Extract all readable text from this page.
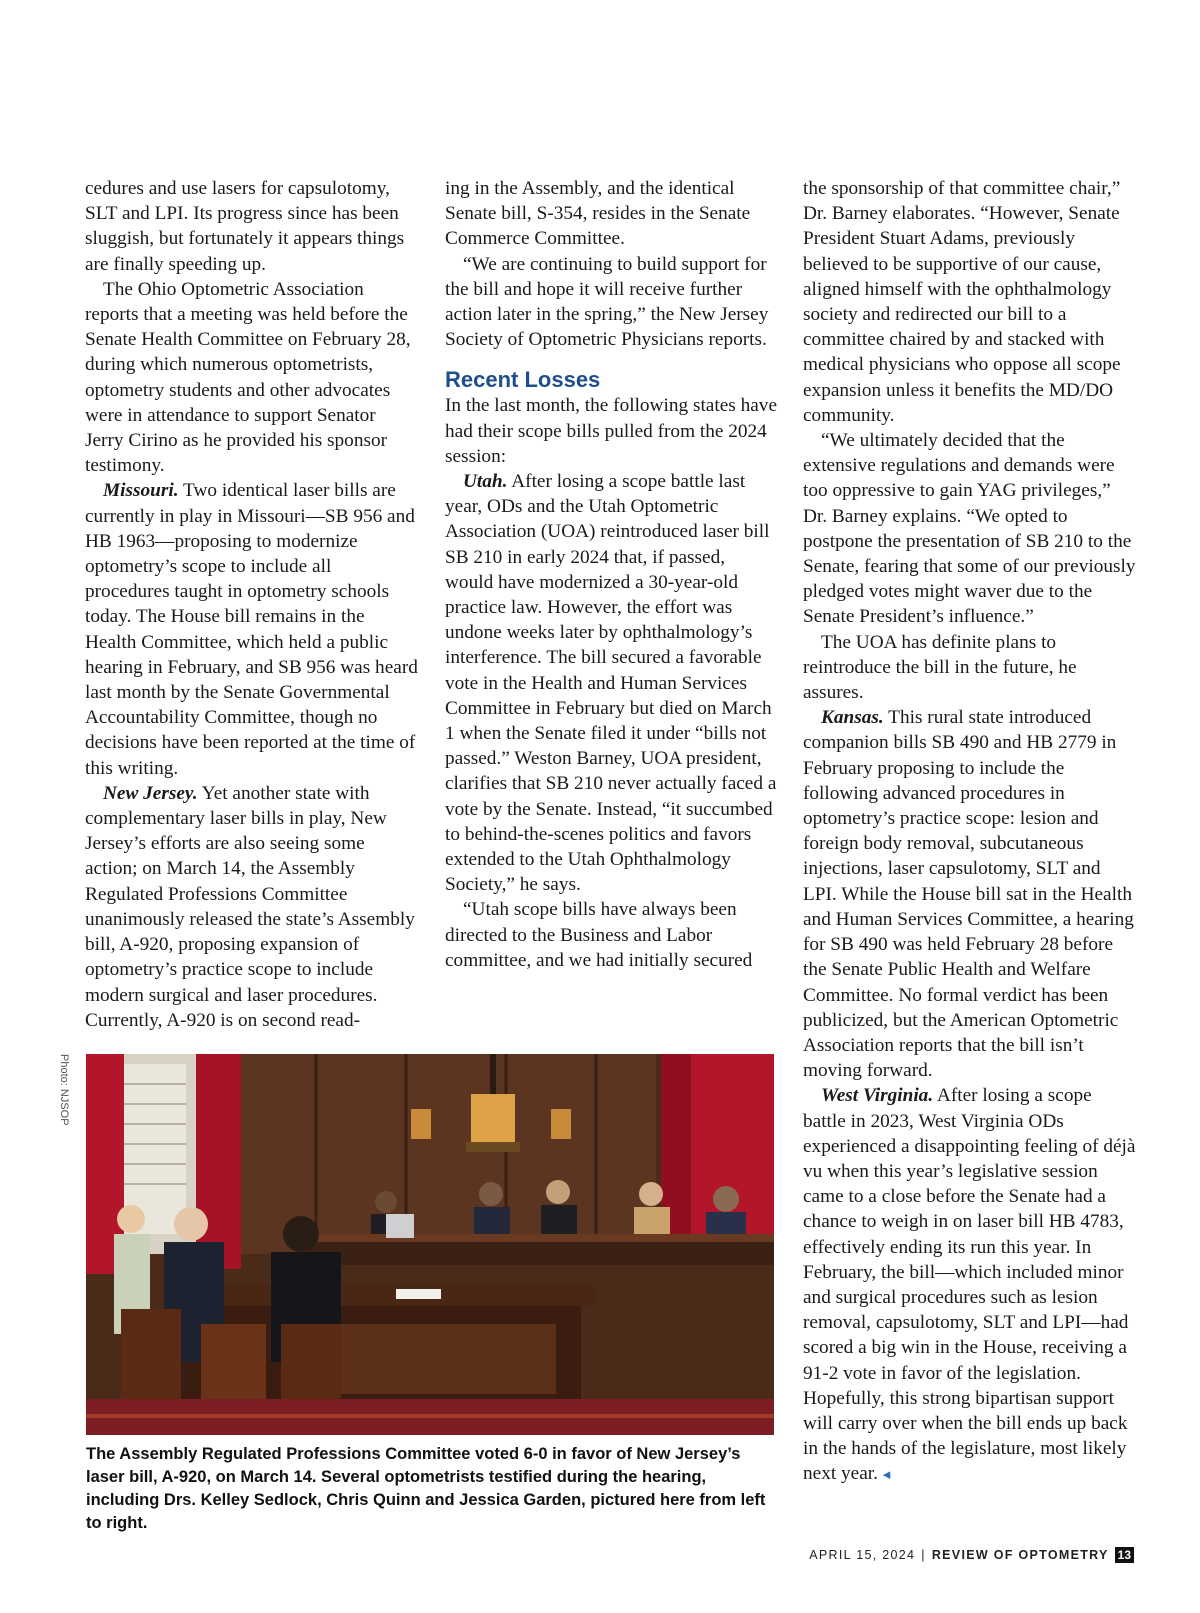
cedures and use lasers for capsulotomy, SLT and LPI. Its progress since has been sluggish, but fortunately it appears things are finally speeding up.

The Ohio Optometric Association reports that a meeting was held before the Senate Health Committee on February 28, during which numerous optometrists, optometry students and other advocates were in attendance to support Senator Jerry Cirino as he provided his sponsor testimony.

Missouri. Two identical laser bills are currently in play in Missouri—SB 956 and HB 1963—proposing to modernize optometry’s scope to include all procedures taught in optometry schools today. The House bill remains in the Health Committee, which held a public hearing in February, and SB 956 was heard last month by the Senate Governmental Accountability Committee, though no decisions have been reported at the time of this writing.

New Jersey. Yet another state with complementary laser bills in play, New Jersey’s efforts are also seeing some action; on March 14, the Assembly Regulated Professions Committee unanimously released the state’s Assembly bill, A-920, proposing expansion of optometry’s practice scope to include modern surgical and laser procedures. Currently, A-920 is on second read-

ing in the Assembly, and the identical Senate bill, S-354, resides in the Senate Commerce Committee.

“We are continuing to build support for the bill and hope it will receive further action later in the spring,” the New Jersey Society of Optometric Physicians reports.

Recent Losses

In the last month, the following states have had their scope bills pulled from the 2024 session:

Utah. After losing a scope battle last year, ODs and the Utah Optometric Association (UOA) reintroduced laser bill SB 210 in early 2024 that, if passed, would have modernized a 30-year-old practice law. However, the effort was undone weeks later by ophthalmology’s interference. The bill secured a favorable vote in the Health and Human Services Committee in February but died on March 1 when the Senate filed it under “bills not passed.” Weston Barney, UOA president, clarifies that SB 210 never actually faced a vote by the Senate. Instead, “it succumbed to behind-the-scenes politics and favors extended to the Utah Ophthalmology Society,” he says.

“Utah scope bills have always been directed to the Business and Labor committee, and we had initially secured

the sponsorship of that committee chair,” Dr. Barney elaborates. “However, Senate President Stuart Adams, previously believed to be supportive of our cause, aligned himself with the ophthalmology society and redirected our bill to a committee chaired by and stacked with medical physicians who oppose all scope expansion unless it benefits the MD/DO community.

“We ultimately decided that the extensive regulations and demands were too oppressive to gain YAG privileges,” Dr. Barney explains. “We opted to postpone the presentation of SB 210 to the Senate, fearing that some of our previously pledged votes might waver due to the Senate President’s influence.”

The UOA has definite plans to reintroduce the bill in the future, he assures.

Kansas. This rural state introduced companion bills SB 490 and HB 2779 in February proposing to include the following advanced procedures in optometry’s practice scope: lesion and foreign body removal, subcutaneous injections, laser capsulotomy, SLT and LPI. While the House bill sat in the Health and Human Services Committee, a hearing for SB 490 was held February 28 before the Senate Public Health and Welfare Committee. No formal verdict has been publicized, but the American Optometric Association reports that the bill isn’t moving forward.

West Virginia. After losing a scope battle in 2023, West Virginia ODs experienced a disappointing feeling of déjà vu when this year’s legislative session came to a close before the Senate had a chance to weigh in on laser bill HB 4783, effectively ending its run this year. In February, the bill—which included minor and surgical procedures such as lesion removal, capsulotomy, SLT and LPI—had scored a big win in the House, receiving a 91-2 vote in favor of the legislation. Hopefully, this strong bipartisan support will carry over when the bill ends up back in the hands of the legislature, most likely next year. ◂

Photo: NJSOP
The Assembly Regulated Professions Committee voted 6-0 in favor of New Jersey’s laser bill, A-920, on March 14. Several optometrists testified during the hearing, including Drs. Kelley Sedlock, Chris Quinn and Jessica Garden, pictured here from left to right.
APRIL 15, 2024 | REVIEW OF OPTOMETRY 13
